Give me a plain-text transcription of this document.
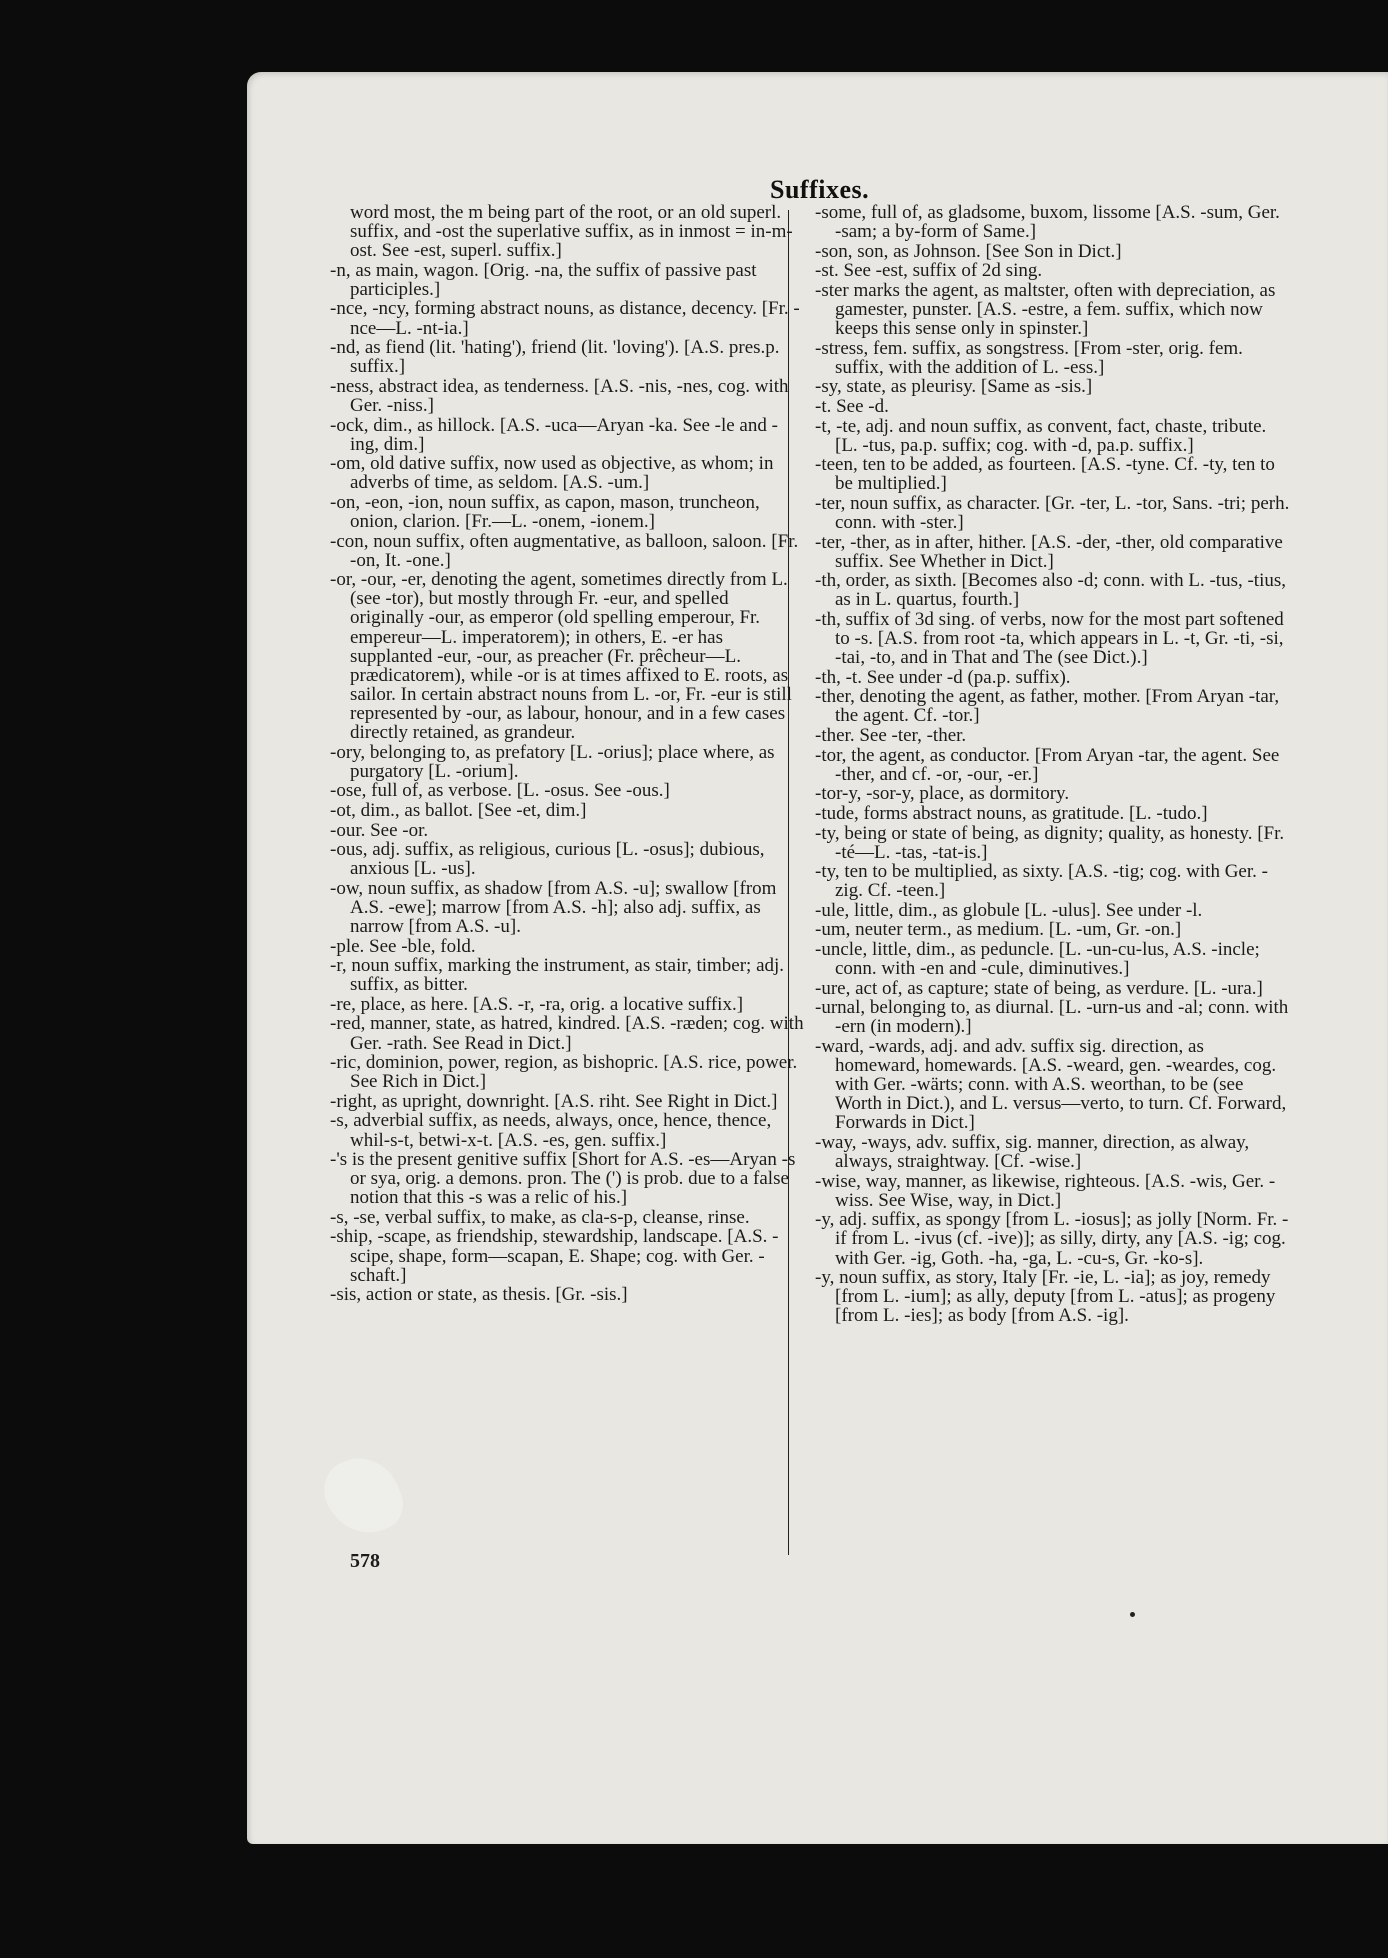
Suffixes.

word most, the m being part of the root, or an old superl. suffix, and -ost the superlative suffix, as in inmost = in-m-ost. See -est, superl. suffix.]

-n, as main, wagon. [Orig. -na, the suffix of passive past participles.]

-nce, -ncy, forming abstract nouns, as distance, decency. [Fr. -nce—L. -nt-ia.]

-nd, as fiend (lit. 'hating'), friend (lit. 'loving'). [A.S. pres.p. suffix.]

-ness, abstract idea, as tenderness. [A.S. -nis, -nes, cog. with Ger. -niss.]

-ock, dim., as hillock. [A.S. -uca—Aryan -ka. See -le and -ing, dim.]

-om, old dative suffix, now used as objective, as whom; in adverbs of time, as seldom. [A.S. -um.]

-on, -eon, -ion, noun suffix, as capon, mason, truncheon, onion, clarion. [Fr.—L. -onem, -ionem.]

-con, noun suffix, often augmentative, as balloon, saloon. [Fr. -on, It. -one.]

-or, -our, -er, denoting the agent, sometimes directly from L. (see -tor), but mostly through Fr. -eur, and spelled originally -our, as emperor (old spelling emperour, Fr. empereur—L. imperatorem); in others, E. -er has supplanted -eur, -our, as preacher (Fr. prêcheur—L. prædicatorem), while -or is at times affixed to E. roots, as sailor. In certain abstract nouns from L. -or, Fr. -eur is still represented by -our, as labour, honour, and in a few cases directly retained, as grandeur.

-ory, belonging to, as prefatory [L. -orius]; place where, as purgatory [L. -orium].

-ose, full of, as verbose. [L. -osus. See -ous.]

-ot, dim., as ballot. [See -et, dim.]

-our. See -or.

-ous, adj. suffix, as religious, curious [L. -osus]; dubious, anxious [L. -us].

-ow, noun suffix, as shadow [from A.S. -u]; swallow [from A.S. -ewe]; marrow [from A.S. -h]; also adj. suffix, as narrow [from A.S. -u].

-ple. See -ble, fold.

-r, noun suffix, marking the instrument, as stair, timber; adj. suffix, as bitter.

-re, place, as here. [A.S. -r, -ra, orig. a locative suffix.]

-red, manner, state, as hatred, kindred. [A.S. -ræden; cog. with Ger. -rath. See Read in Dict.]

-ric, dominion, power, region, as bishopric. [A.S. rice, power. See Rich in Dict.]

-right, as upright, downright. [A.S. riht. See Right in Dict.]

-s, adverbial suffix, as needs, always, once, hence, thence, whil-s-t, betwi-x-t. [A.S. -es, gen. suffix.]

-'s is the present genitive suffix [Short for A.S. -es—Aryan -s or sya, orig. a demons. pron. The (') is prob. due to a false notion that this -s was a relic of his.]

-s, -se, verbal suffix, to make, as cla-s-p, cleanse, rinse.

-ship, -scape, as friendship, stewardship, landscape. [A.S. -scipe, shape, form—scapan, E. Shape; cog. with Ger. -schaft.]

-sis, action or state, as thesis. [Gr. -sis.]

-some, full of, as gladsome, buxom, lissome [A.S. -sum, Ger. -sam; a by-form of Same.]

-son, son, as Johnson. [See Son in Dict.]

-st. See -est, suffix of 2d sing.

-ster marks the agent, as maltster, often with depreciation, as gamester, punster. [A.S. -estre, a fem. suffix, which now keeps this sense only in spinster.]

-stress, fem. suffix, as songstress. [From -ster, orig. fem. suffix, with the addition of L. -ess.]

-sy, state, as pleurisy. [Same as -sis.]

-t. See -d.

-t, -te, adj. and noun suffix, as convent, fact, chaste, tribute. [L. -tus, pa.p. suffix; cog. with -d, pa.p. suffix.]

-teen, ten to be added, as fourteen. [A.S. -tyne. Cf. -ty, ten to be multiplied.]

-ter, noun suffix, as character. [Gr. -ter, L. -tor, Sans. -tri; perh. conn. with -ster.]

-ter, -ther, as in after, hither. [A.S. -der, -ther, old comparative suffix. See Whether in Dict.]

-th, order, as sixth. [Becomes also -d; conn. with L. -tus, -tius, as in L. quartus, fourth.]

-th, suffix of 3d sing. of verbs, now for the most part softened to -s. [A.S. from root -ta, which appears in L. -t, Gr. -ti, -si, -tai, -to, and in That and The (see Dict.).]

-th, -t. See under -d (pa.p. suffix).

-ther, denoting the agent, as father, mother. [From Aryan -tar, the agent. Cf. -tor.]

-ther. See -ter, -ther.

-tor, the agent, as conductor. [From Aryan -tar, the agent. See -ther, and cf. -or, -our, -er.]

-tor-y, -sor-y, place, as dormitory.

-tude, forms abstract nouns, as gratitude. [L. -tudo.]

-ty, being or state of being, as dignity; quality, as honesty. [Fr. -té—L. -tas, -tat-is.]

-ty, ten to be multiplied, as sixty. [A.S. -tig; cog. with Ger. -zig. Cf. -teen.]

-ule, little, dim., as globule [L. -ulus]. See under -l.

-um, neuter term., as medium. [L. -um, Gr. -on.]

-uncle, little, dim., as peduncle. [L. -un-cu-lus, A.S. -incle; conn. with -en and -cule, diminutives.]

-ure, act of, as capture; state of being, as verdure. [L. -ura.]

-urnal, belonging to, as diurnal. [L. -urn-us and -al; conn. with -ern (in modern).]

-ward, -wards, adj. and adv. suffix sig. direction, as homeward, homewards. [A.S. -weard, gen. -weardes, cog. with Ger. -wärts; conn. with A.S. weorthan, to be (see Worth in Dict.), and L. versus—verto, to turn. Cf. Forward, Forwards in Dict.]

-way, -ways, adv. suffix, sig. manner, direction, as alway, always, straightway. [Cf. -wise.]

-wise, way, manner, as likewise, righteous. [A.S. -wis, Ger. -wiss. See Wise, way, in Dict.]

-y, adj. suffix, as spongy [from L. -iosus]; as jolly [Norm. Fr. -if from L. -ivus (cf. -ive)]; as silly, dirty, any [A.S. -ig; cog. with Ger. -ig, Goth. -ha, -ga, L. -cu-s, Gr. -ko-s].

-y, noun suffix, as story, Italy [Fr. -ie, L. -ia]; as joy, remedy [from L. -ium]; as ally, deputy [from L. -atus]; as progeny [from L. -ies]; as body [from A.S. -ig].

578
